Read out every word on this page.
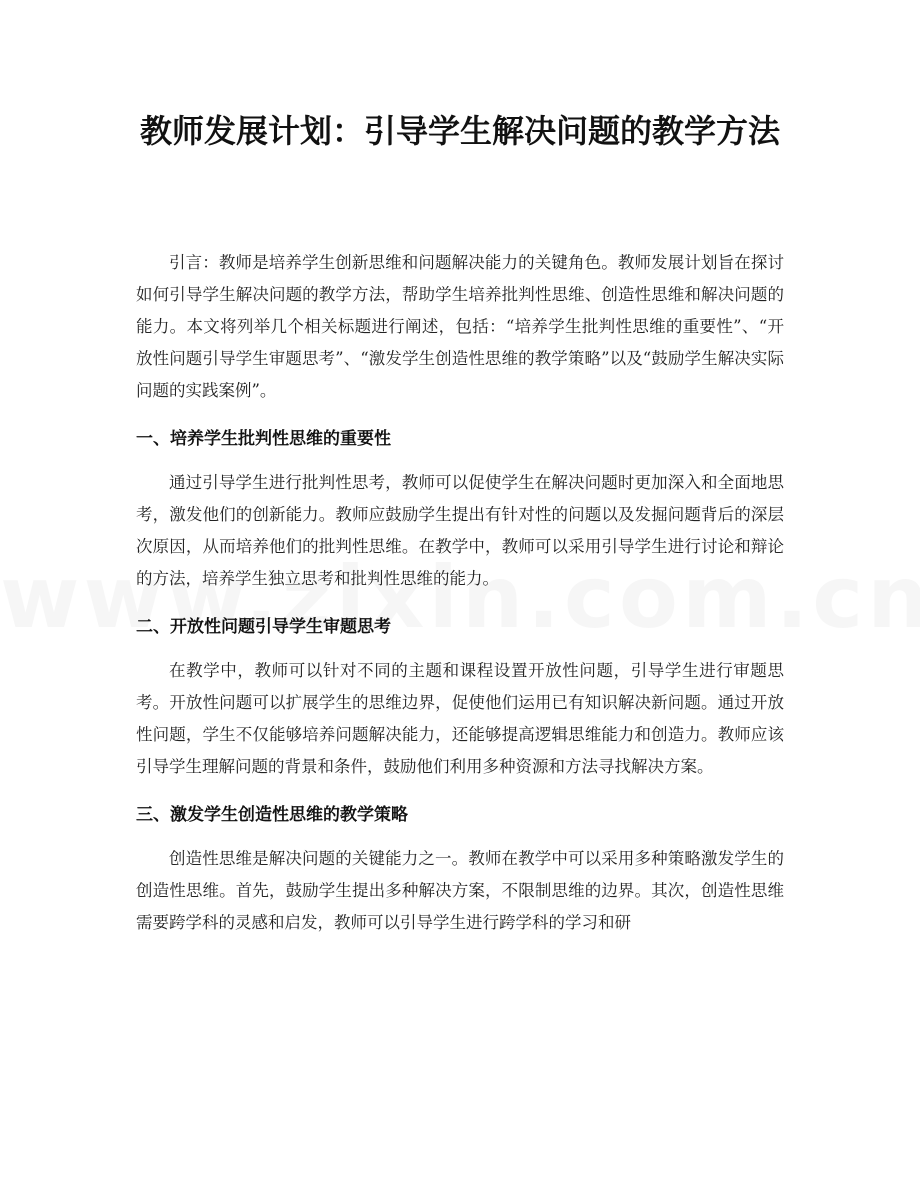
教师发展计划：引导学生解决问题的教学方法

引言：教师是培养学生创新思维和问题解决能力的关键角色。教师发展计划旨在探讨如何引导学生解决问题的教学方法，帮助学生培养批判性思维、创造性思维和解决问题的能力。本文将列举几个相关标题进行阐述，包括：“培养学生批判性思维的重要性”、“开放性问题引导学生审题思考”、“激发学生创造性思维的教学策略”以及“鼓励学生解决实际问题的实践案例”。

一、培养学生批判性思维的重要性

通过引导学生进行批判性思考，教师可以促使学生在解决问题时更加深入和全面地思考，激发他们的创新能力。教师应鼓励学生提出有针对性的问题以及发掘问题背后的深层次原因，从而培养他们的批判性思维。在教学中，教师可以采用引导学生进行讨论和辩论的方法，培养学生独立思考和批判性思维的能力。

二、开放性问题引导学生审题思考

在教学中，教师可以针对不同的主题和课程设置开放性问题，引导学生进行审题思考。开放性问题可以扩展学生的思维边界，促使他们运用已有知识解决新问题。通过开放性问题，学生不仅能够培养问题解决能力，还能够提高逻辑思维能力和创造力。教师应该引导学生理解问题的背景和条件，鼓励他们利用多种资源和方法寻找解决方案。

三、激发学生创造性思维的教学策略

创造性思维是解决问题的关键能力之一。教师在教学中可以采用多种策略激发学生的创造性思维。首先，鼓励学生提出多种解决方案，不限制思维的边界。其次，创造性思维需要跨学科的灵感和启发，教师可以引导学生进行跨学科的学习和研
